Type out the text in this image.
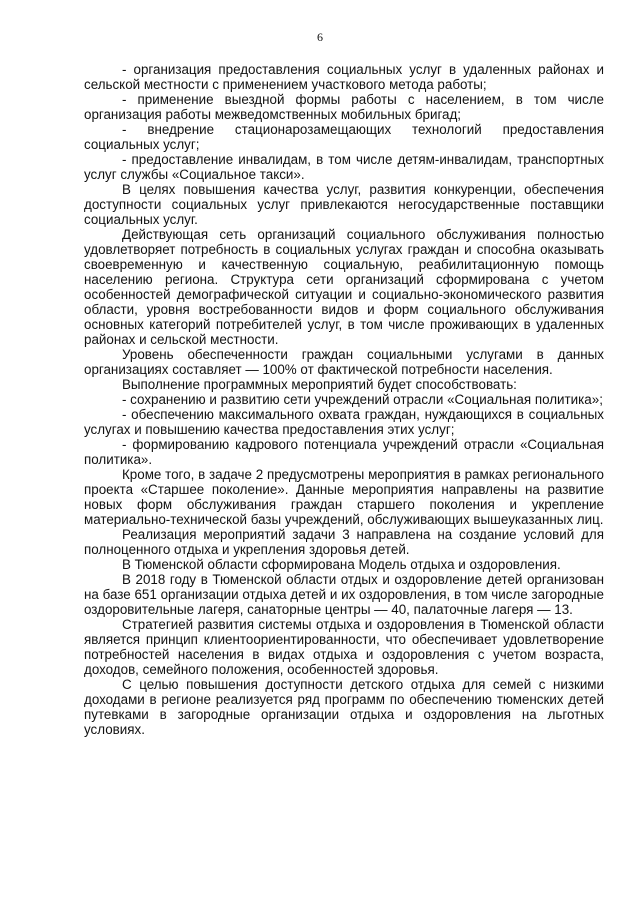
6

- организация предоставления социальных услуг в удаленных районах и сельской местности с применением участкового метода работы;

- применение выездной формы работы с населением, в том числе организация работы межведомственных мобильных бригад;

- внедрение стационарозамещающих технологий предоставления социальных услуг;

- предоставление инвалидам, в том числе детям-инвалидам, транспортных услуг службы «Социальное такси».

В целях повышения качества услуг, развития конкуренции, обеспечения доступности социальных услуг привлекаются негосударственные поставщики социальных услуг.

Действующая сеть организаций социального обслуживания полностью удовлетворяет потребность в социальных услугах граждан и способна оказывать своевременную и качественную социальную, реабилитационную помощь населению региона. Структура сети организаций сформирована с учетом особенностей демографической ситуации и социально-экономического развития области, уровня востребованности видов и форм социального обслуживания основных категорий потребителей услуг, в том числе проживающих в удаленных районах и сельской местности.

Уровень обеспеченности граждан социальными услугами в данных организациях составляет — 100% от фактической потребности населения.

Выполнение программных мероприятий будет способствовать:

- сохранению и развитию сети учреждений отрасли «Социальная политика»;

- обеспечению максимального охвата граждан, нуждающихся в социальных услугах и повышению качества предоставления этих услуг;

- формированию кадрового потенциала учреждений отрасли «Социальная политика».

Кроме того, в задаче 2 предусмотрены мероприятия в рамках регионального проекта «Старшее поколение». Данные мероприятия направлены на развитие новых форм обслуживания граждан старшего поколения и укрепление материально-технической базы учреждений, обслуживающих вышеуказанных лиц.

Реализация мероприятий задачи 3 направлена на создание условий для полноценного отдыха и укрепления здоровья детей.

В Тюменской области сформирована Модель отдыха и оздоровления.

В 2018 году в Тюменской области отдых и оздоровление детей организован на базе 651 организации отдыха детей и их оздоровления, в том числе загородные оздоровительные лагеря, санаторные центры — 40, палаточные лагеря — 13.

Стратегией развития системы отдыха и оздоровления в Тюменской области является принцип клиентоориентированности, что обеспечивает удовлетворение потребностей населения в видах отдыха и оздоровления с учетом возраста, доходов, семейного положения, особенностей здоровья.

С целью повышения доступности детского отдыха для семей с низкими доходами в регионе реализуется ряд программ по обеспечению тюменских детей путевками в загородные организации отдыха и оздоровления на льготных условиях.
